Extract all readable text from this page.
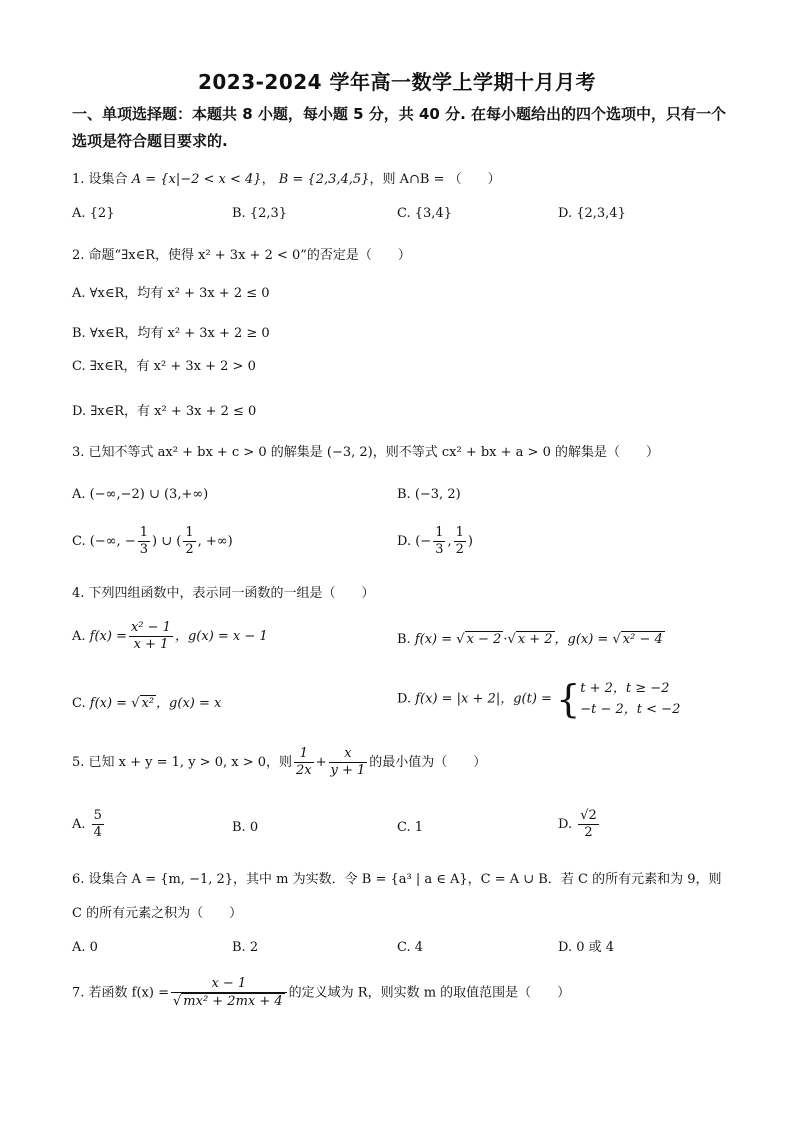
2023-2024 学年高一数学上学期十月月考
一、单项选择题：本题共 8 小题，每小题 5 分，共 40 分. 在每小题给出的四个选项中，只有一个选项是符合题目要求的.
1. 设集合 A = {x|−2 < x < 4}， B = {2,3,4,5}，则 A∩B = （　　）
A. {2}	B. {2,3}	C. {3,4}	D. {2,3,4}
2. 命题“∃x∈R，使得 x² + 3x + 2 < 0”的否定是（　　）
A. ∀x∈R，均有 x² + 3x + 2 ≤ 0
B. ∀x∈R，均有 x² + 3x + 2 ≥ 0
C. ∃x∈R，有 x² + 3x + 2 > 0
D. ∃x∈R，有 x² + 3x + 2 ≤ 0
3. 已知不等式 ax² + bx + c > 0 的解集是 (−3, 2)，则不等式 cx² + bx + a > 0 的解集是（　　）
A. (−∞,−2) ∪ (3,+∞)	B. (−3, 2)
C. (−∞, − $\frac{1}{3}$ ) ∪ ( $\frac{1}{2}$ , +∞)	D. (− $\frac{1}{3}$ , $\frac{1}{2}$ )
4. 下列四组函数中，表示同一函数的一组是（　　）
A. $f(x) = \frac{\text{x² − 1}}{x + 1}$ ，g(x) = x − 1	B. f(x) = √ x − 2 ·√ x + 2 ，g(x) = √ x² − 4
C. f(x) = √ x² ，g(x) = x	D. f(x) = |x + 2|，g(t) = { t + 2，t ≥ −2
−t − 2，t < −2
5. 已知 x + y = 1, y > 0, x > 0，则 $\frac{1}{2x} + \frac{x}{y + 1}$ 的最小值为（　　）
A. $\frac{5}{4}$	B. 0	C. 1	D. $\frac{√2}{2}$
6. 设集合 A = {m, −1, 2}，其中 m 为实数．令 B = {a³ | a ∈ A}，C = A ∪ B．若 C 的所有元素和为 9，则
C 的所有元素之积为（　　）
A. 0	B. 2	C. 4	D. 0 或 4
7. 若函数 $f(x) = \frac{x - 1}{\text{√ mx² + 2mx + 4}}$ 的定义域为 R，则实数 m 的取值范围是（　　）
